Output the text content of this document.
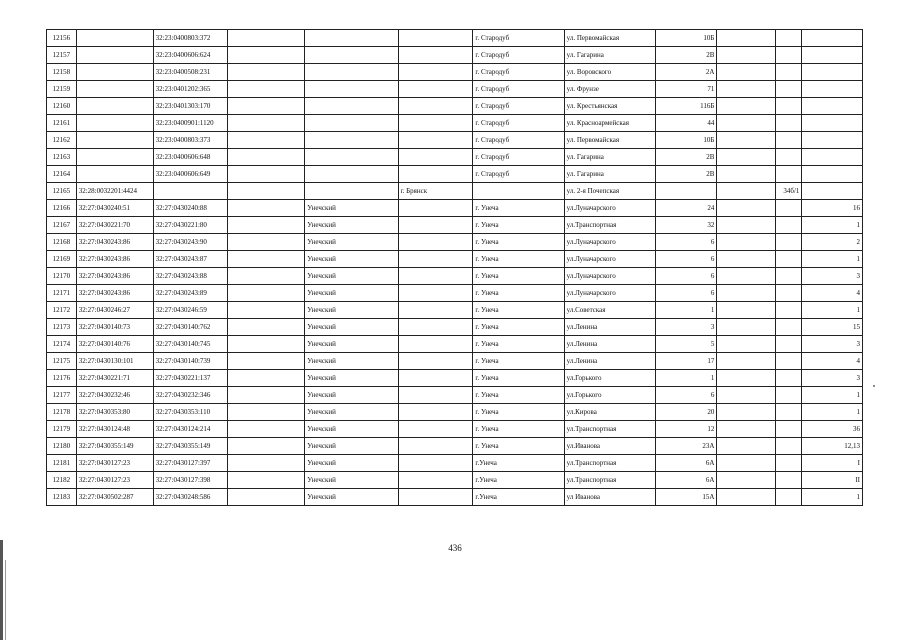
12156		32:23:0400803:372				г. Стародуб	ул. Первомайская	10Б			
12157		32:23:0400606:624				г. Стародуб	ул. Гагарина	2В			
12158		32:23:0400508:231				г. Стародуб	ул. Воровского	2А			
12159		32:23:0401202:365				г. Стародуб	ул. Фрунзе	71			
12160		32:23:0401303:170				г. Стародуб	ул. Крестьянская	116Б			
12161		32:23:0400901:1120				г. Стародуб	ул. Красноармейская	44			
12162		32:23:0400803:373				г. Стародуб	ул. Первомайская	10Б			
12163		32:23:0400606:648				г. Стародуб	ул. Гагарина	2В			
12164		32:23:0400606:649				г. Стародуб	ул. Гагарина	2В			
12165	32:28:0032201:4424				г. Брянск		ул. 2-я Почепская			34б/1	
12166	32:27:0430240:51	32:27:0430240:88		Унечский		г. Унеча	ул.Луначарского	24			16
12167	32:27:0430221:70	32:27:0430221:80		Унечский		г. Унеча	ул.Транспортная	32			1
12168	32:27:0430243:86	32:27:0430243:90		Унечский		г. Унеча	ул.Луначарского	6			2
12169	32:27:0430243:86	32:27:0430243:87		Унечский		г. Унеча	ул.Луначарского	6			1
12170	32:27:0430243:86	32:27:0430243:88		Унечский		г. Унеча	ул.Луначарского	6			3
12171	32:27:0430243:86	32:27:0430243:89		Унечский		г. Унеча	ул.Луначарского	6			4
12172	32:27:0430246:27	32:27:0430246:59		Унечский		г. Унеча	ул.Советская	1			1
12173	32:27:0430140:73	32:27:0430140:762		Унечский		г. Унеча	ул.Ленина	3			15
12174	32:27:0430140:76	32:27:0430140:745		Унечский		г. Унеча	ул.Ленина	5			3
12175	32:27:0430130:101	32:27:0430140:739		Унечский		г. Унеча	ул.Ленина	17			4
12176	32:27:0430221:71	32:27:0430221:137		Унечский		г. Унеча	ул.Горького	1			3
12177	32:27:0430232:46	32:27:0430232:346		Унечский		г. Унеча	ул.Горького	6			1
12178	32:27:0430353:80	32:27:0430353:110		Унечский		г. Унеча	ул.Кирова	20			1
12179	32:27:0430124:48	32:27:0430124:214		Унечский		г. Унеча	ул.Транспортная	12			36
12180	32:27:0430355:149	32:27:0430355:149		Унечский		г. Унеча	ул.Иванова	23А			12,13
12181	32:27:0430127:23	32:27:0430127:397		Унечский		г.Унеча	ул.Транспортная	6А			I
12182	32:27:0430127:23	32:27:0430127:398		Унечский		г.Унеча	ул.Транспортная	6А			II
12183	32:27:0430502:287	32:27:0430248:586		Унечский		г.Унеча	ул Иванова	15А			1
436
